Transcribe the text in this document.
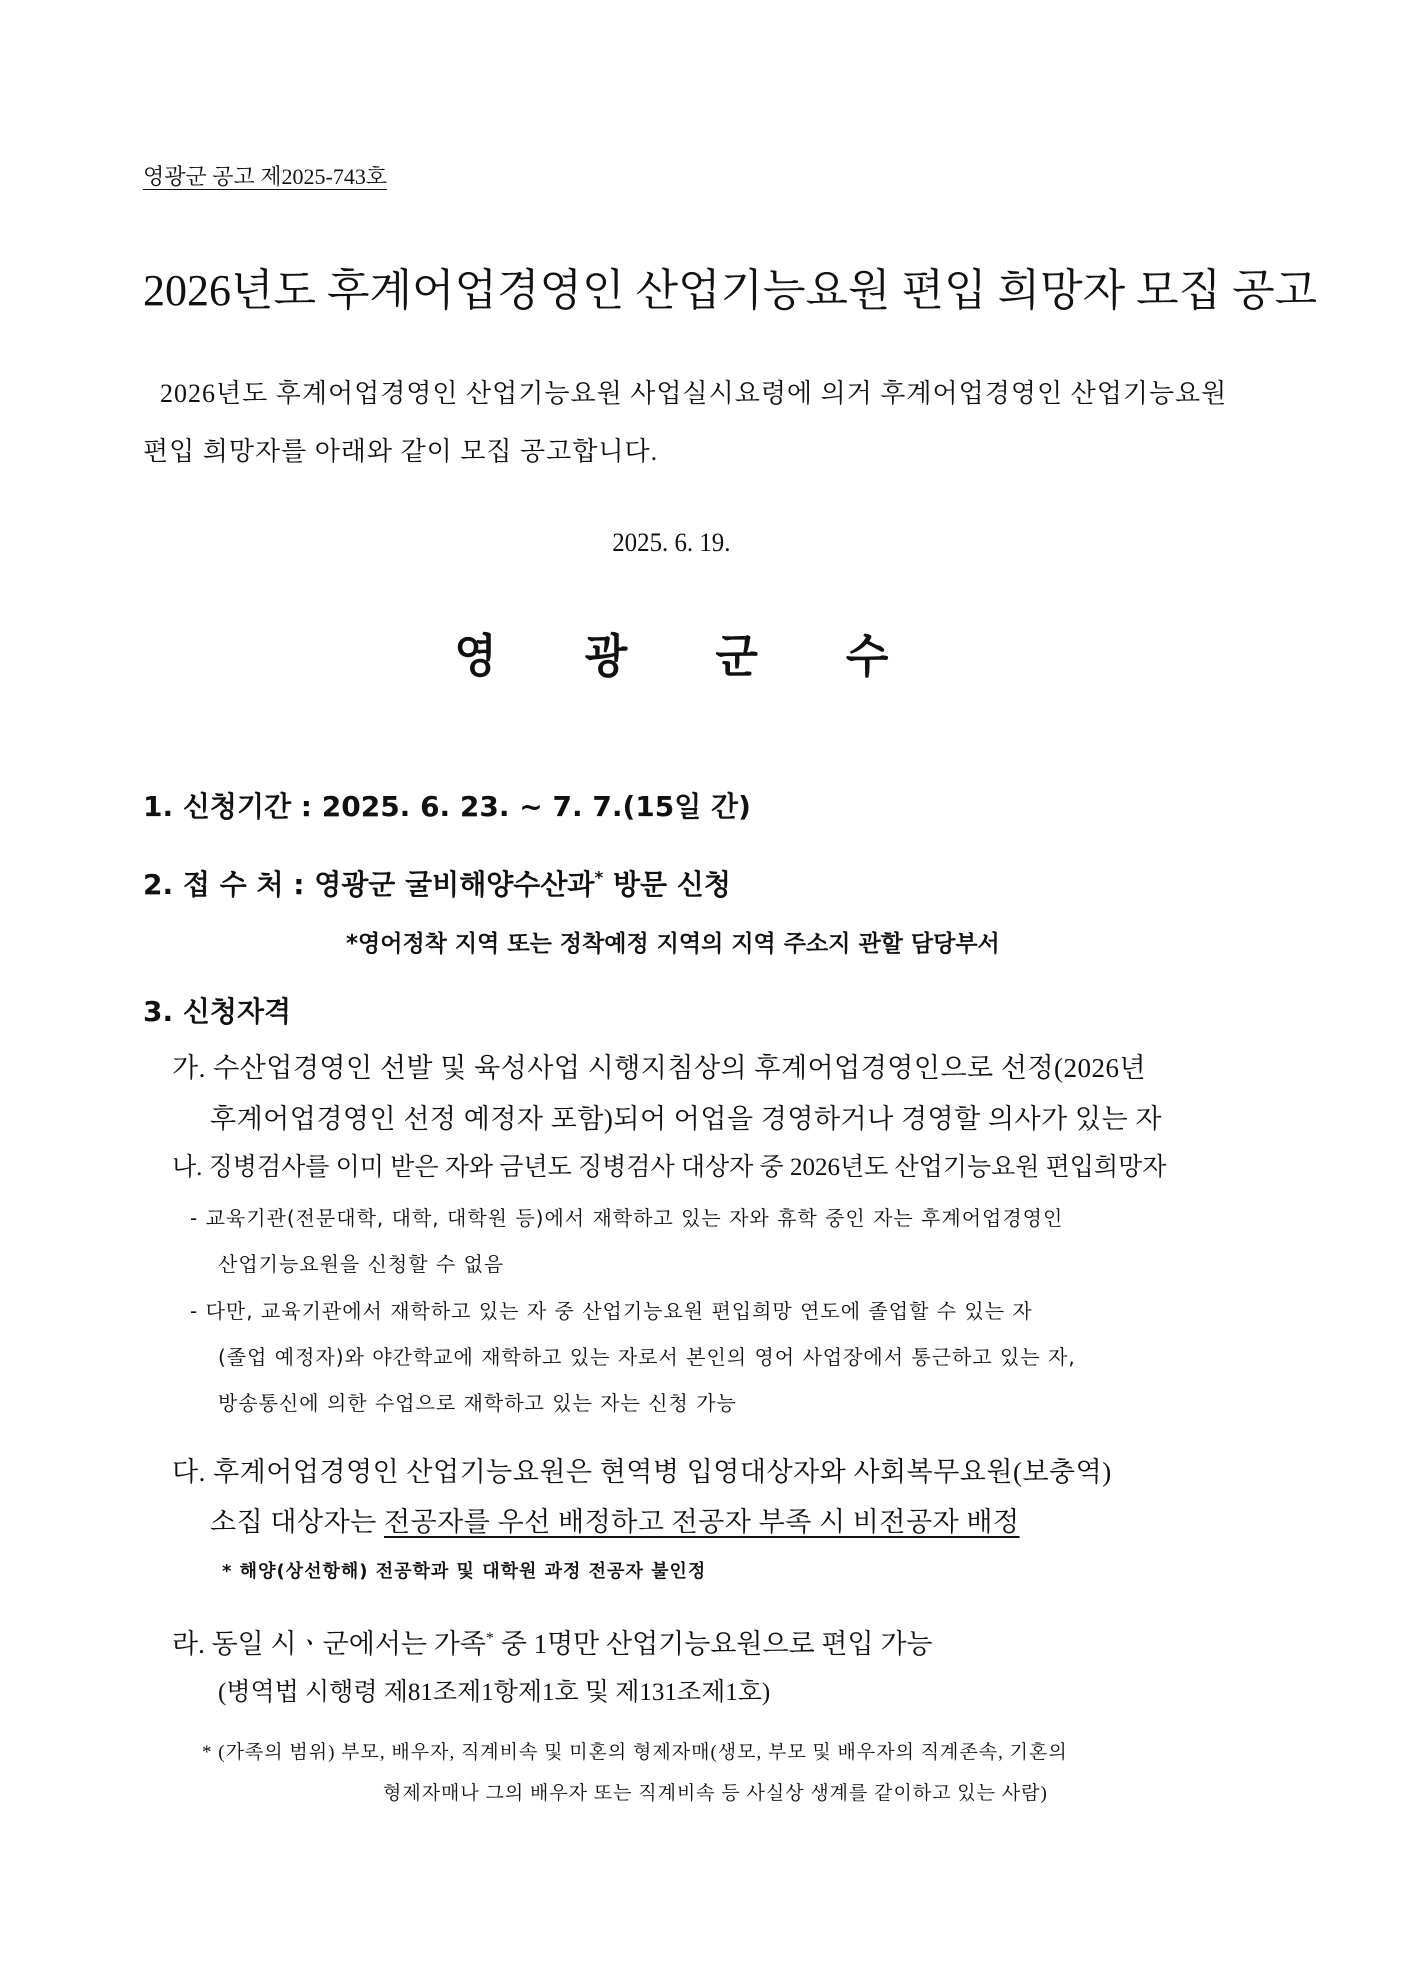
영광군 공고 제2025-743호
2026년도 후계어업경영인 산업기능요원 편입 희망자 모집 공고
2026년도 후계어업경영인 산업기능요원 사업실시요령에 의거 후계어업경영인 산업기능요원
편입 희망자를 아래와 같이 모집 공고합니다.
2025. 6. 19.
영 광 군 수
1. 신청기간 : 2025. 6. 23. ~ 7. 7.(15일 간)
2. 접 수 처 : 영광군 굴비해양수산과* 방문 신청
*영어정착 지역 또는 정착예정 지역의 지역 주소지 관할 담당부서
3. 신청자격
가. 수산업경영인 선발 및 육성사업 시행지침상의 후계어업경영인으로 선정(2026년
후계어업경영인 선정 예정자 포함)되어 어업을 경영하거나 경영할 의사가 있는 자
나. 징병검사를 이미 받은 자와 금년도 징병검사 대상자 중 2026년도 산업기능요원 편입희망자
- 교육기관(전문대학, 대학, 대학원 등)에서 재학하고 있는 자와 휴학 중인 자는 후계어업경영인
산업기능요원을 신청할 수 없음
- 다만, 교육기관에서 재학하고 있는 자 중 산업기능요원 편입희망 연도에 졸업할 수 있는 자
(졸업 예정자)와 야간학교에 재학하고 있는 자로서 본인의 영어 사업장에서 통근하고 있는 자,
방송통신에 의한 수업으로 재학하고 있는 자는 신청 가능
다. 후계어업경영인 산업기능요원은 현역병 입영대상자와 사회복무요원(보충역)
소집 대상자는 전공자를 우선 배정하고 전공자 부족 시 비전공자 배정
* 해양(상선항해) 전공학과 및 대학원 과정 전공자 불인정
라. 동일 시ㆍ군에서는 가족* 중 1명만 산업기능요원으로 편입 가능
(병역법 시행령 제81조제1항제1호 및 제131조제1호)
* (가족의 범위) 부모, 배우자, 직계비속 및 미혼의 형제자매(생모, 부모 및 배우자의 직계존속, 기혼의
형제자매나 그의 배우자 또는 직계비속 등 사실상 생계를 같이하고 있는 사람)
